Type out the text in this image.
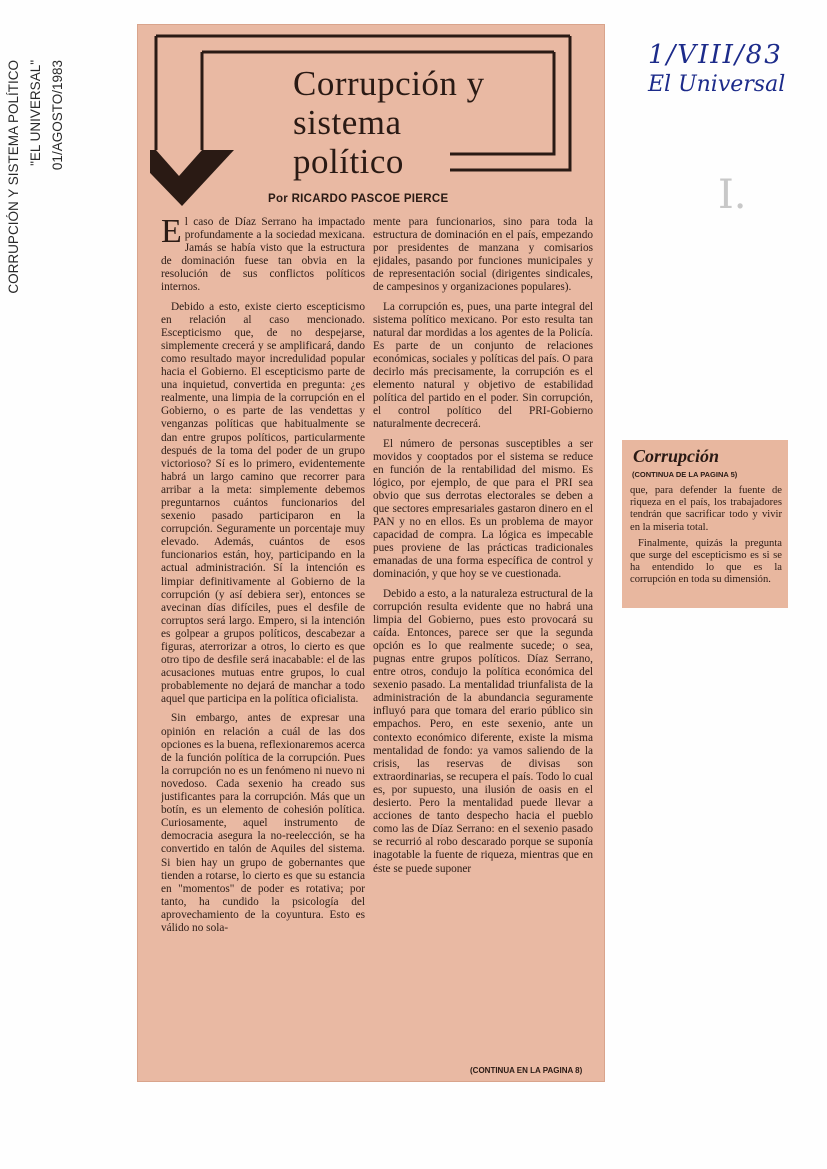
CORRUPCIÓN Y SISTEMA POLÍTICO "EL UNIVERSAL" 01/AGOSTO/1983	Corrupción y sistema político
Por RICARDO PASCOE PIERCE

El caso de Díaz Serrano ha impactado profundamente a la sociedad mexicana. Jamás se había visto que la estructura de dominación fuese tan obvia en la resolución de sus conflictos políticos internos.

Debido a esto, existe cierto escepticismo en relación al caso mencionado. Escepticismo que, de no despejarse, simplemente crecerá y se amplificará, dando como resultado mayor incredulidad popular hacia el Gobierno. El escepticismo parte de una inquietud, convertida en pregunta: ¿es realmente, una limpia de la corrupción en el Gobierno, o es parte de las vendettas y venganzas políticas que habitualmente se dan entre grupos políticos, particularmente después de la toma del poder de un grupo victorioso? Sí es lo primero, evidentemente habrá un largo camino que recorrer para arribar a la meta: simplemente debemos preguntarnos cuántos funcionarios del sexenio pasado participaron en la corrupción. Seguramente un porcentaje muy elevado. Además, cuántos de esos funcionarios están, hoy, participando en la actual administración. Sí la intención es limpiar definitivamente al Gobierno de la corrupción (y así debiera ser), entonces se avecinan días difíciles, pues el desfile de corruptos será largo. Empero, si la intención es golpear a grupos políticos, descabezar a figuras, aterrorizar a otros, lo cierto es que otro tipo de desfile será inacabable: el de las acusaciones mutuas entre grupos, lo cual probablemente no dejará de manchar a todo aquel que participa en la política oficialista.

Sin embargo, antes de expresar una opinión en relación a cuál de las dos opciones es la buena, reflexionaremos acerca de la función política de la corrupción. Pues la corrupción no es un fenómeno ni nuevo ni novedoso. Cada sexenio ha creado sus justificantes para la corrupción. Más que un botín, es un elemento de cohesión política. Curiosamente, aquel instrumento de democracia asegura la no-reelección, se ha convertido en talón de Aquiles del sistema. Si bien hay un grupo de gobernantes que tienden a rotarse, lo cierto es que su estancia en "momentos" de poder es rotativa; por tanto, ha cundido la psicología del aprovechamiento de la coyuntura. Esto es válido no sola-

mente para funcionarios, sino para toda la estructura de dominación en el país, empezando por presidentes de manzana y comisarios ejidales, pasando por funciones municipales y de representación social (dirigentes sindicales, de campesinos y organizaciones populares).

La corrupción es, pues, una parte integral del sistema político mexicano. Por esto resulta tan natural dar mordidas a los agentes de la Policía. Es parte de un conjunto de relaciones económicas, sociales y políticas del país. O para decirlo más precisamente, la corrupción es el elemento natural y objetivo de estabilidad política del partido en el poder. Sin corrupción, el control político del PRI-Gobierno naturalmente decrecerá.

El número de personas susceptibles a ser movidos y cooptados por el sistema se reduce en función de la rentabilidad del mismo. Es lógico, por ejemplo, de que para el PRI sea obvio que sus derrotas electorales se deben a que sectores empresariales gastaron dinero en el PAN y no en ellos. Es un problema de mayor capacidad de compra. La lógica es impecable pues proviene de las prácticas tradicionales emanadas de una forma específica de control y dominación, y que hoy se ve cuestionada.

Debido a esto, a la naturaleza estructural de la corrupción resulta evidente que no habrá una limpia del Gobierno, pues esto provocará su caída. Entonces, parece ser que la segunda opción es lo que realmente sucede; o sea, pugnas entre grupos políticos. Díaz Serrano, entre otros, condujo la política económica del sexenio pasado. La mentalidad triunfalista de la administración de la abundancia seguramente influyó para que tomara del erario público sin empachos. Pero, en este sexenio, ante un contexto económico diferente, existe la misma mentalidad de fondo: ya vamos saliendo de la crisis, las reservas de divisas son extraordinarias, se recupera el país. Todo lo cual es, por supuesto, una ilusión de oasis en el desierto. Pero la mentalidad puede llevar a acciones de tanto despecho hacia el pueblo como las de Díaz Serrano: en el sexenio pasado se recurrió al robo descarado porque se suponía inagotable la fuente de riqueza, mientras que en éste se puede suponer

(CONTINUA EN LA PAGINA 8)
1/VIII/83
El Universal
I.
Corrupción
(CONTINUA DE LA PAGINA 5)

que, para defender la fuente de riqueza en el país, los trabajadores tendrán que sacrificar todo y vivir en la miseria total.

Finalmente, quizás la pregunta que surge del escepticismo es si se ha entendido lo que es la corrupción en toda su dimensión.
